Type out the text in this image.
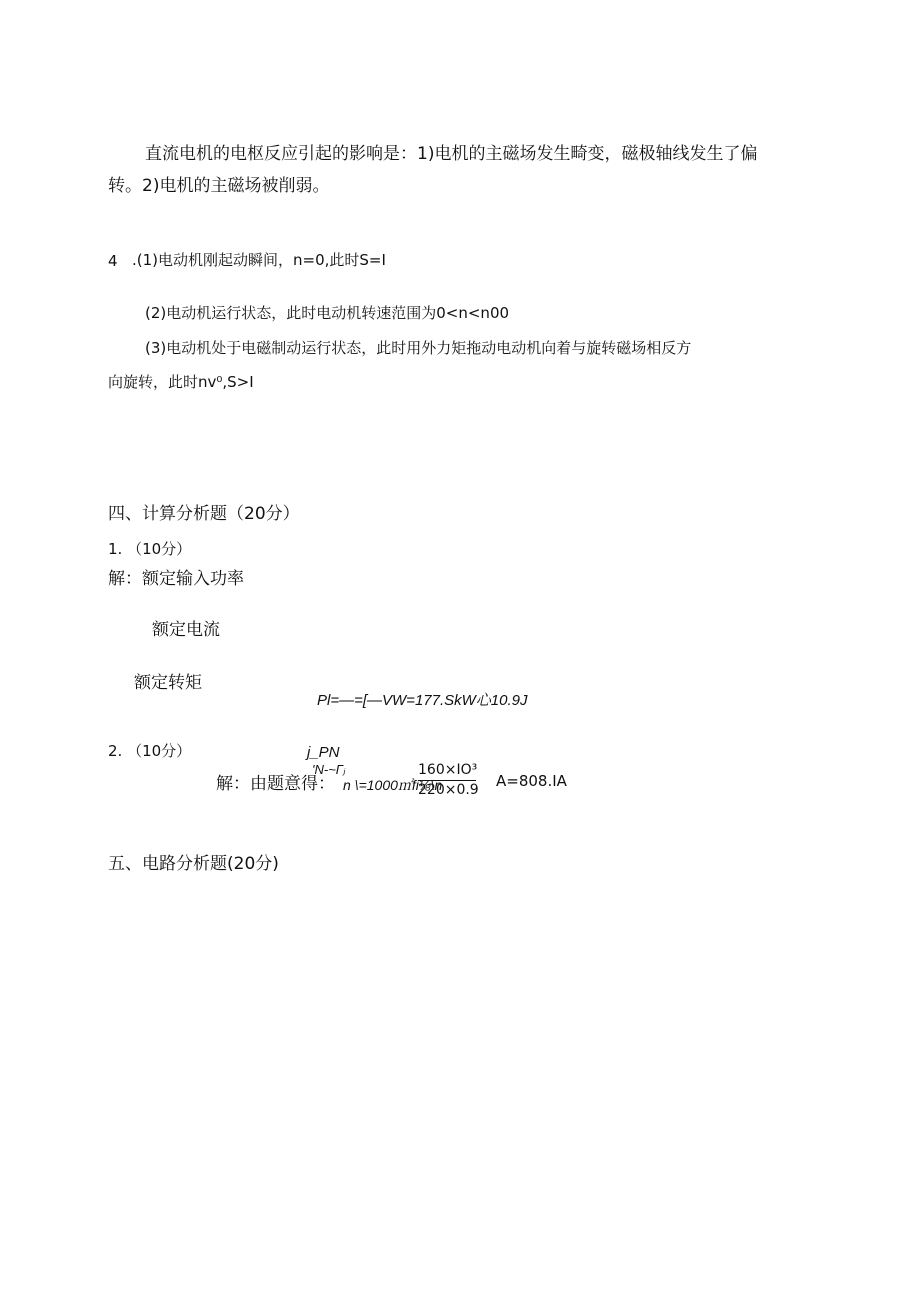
直流电机的电枢反应引起的影响是：1)电机的主磁场发生畸变，磁极轴线发生了偏
转。2)电机的主磁场被削弱。
4 .(1)电动机刚起动瞬间，n=0,此时S=I
(2)电动机运行状态，此时电动机转速范围为0<n<n00
(3)电动机处于电磁制动运行状态，此时用外力矩拖动电动机向着与旋转磁场相反方
向旋转，此时nv⁰,S>I
四、计算分析题（20分）
1. （10分）
解：额定输入功率
额定电流
额定转矩
Pl=—=[—VW=177.SkW心10.9J
2. （10分）	j_PN
'N-~Γ⁠ⱼ
解：由题意得： n \=1000㎡fi⅛\n
160×IO³
220×0.9 A=808.IA
五、电路分析题(20分)
